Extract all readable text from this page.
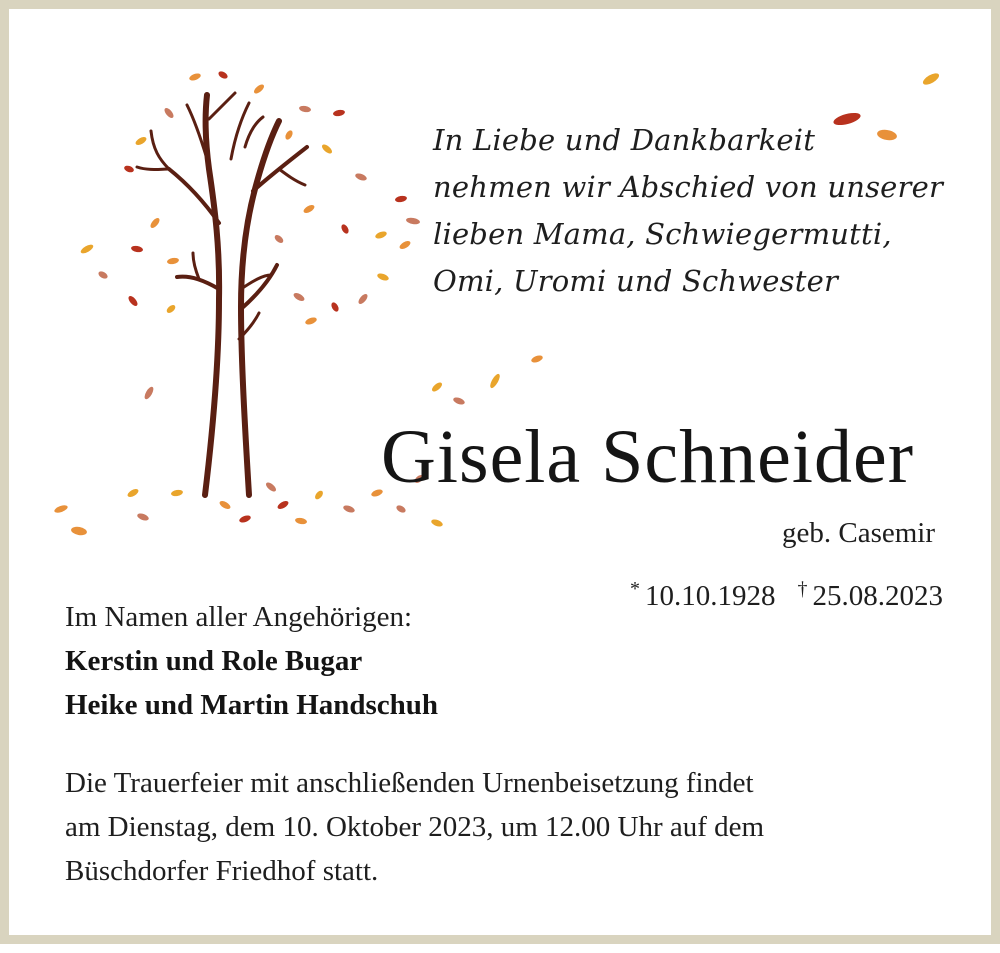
In Liebe und Dankbarkeit
nehmen wir Abschied von unserer
lieben Mama, Schwiegermutti,
Omi, Uromi und Schwester
Gisela Schneider
geb. Casemir
* 10.10.1928 † 25.08.2023
Im Namen aller Angehörigen:
Kerstin und Role Bugar
Heike und Martin Handschuh
Die Trauerfeier mit anschließenden Urnenbeisetzung findet
am Dienstag, dem 10. Oktober 2023, um 12.00 Uhr auf dem
Büschdorfer Friedhof statt.
